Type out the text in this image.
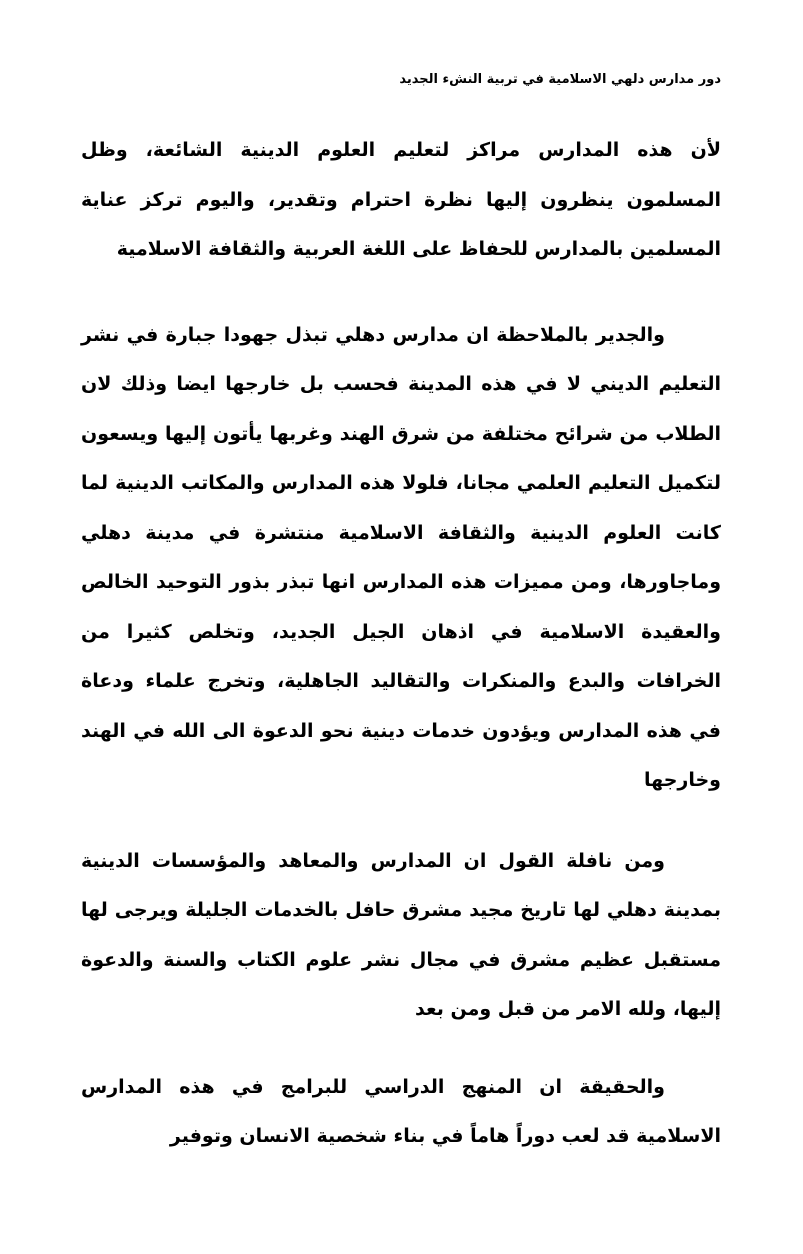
دور مدارس دلهي الاسلامية في تربية النشء الجديد

لأن هذه المدارس مراكز لتعليم العلوم الدينية الشائعة، وظل المسلمون ينظرون إليها نظرة احترام وتقدير، واليوم تركز عناية المسلمين بالمدارس للحفاظ على اللغة العربية والثقافة الاسلامية

والجدير بالملاحظة ان مدارس دهلي تبذل جهودا جبارة في نشر التعليم الديني لا في هذه المدينة فحسب بل خارجها ايضا وذلك لان الطلاب من شرائح مختلفة من شرق الهند وغربها يأتون إليها ويسعون لتكميل التعليم العلمي مجانا، فلولا هذه المدارس والمكاتب الدينية لما كانت العلوم الدينية والثقافة الاسلامية منتشرة في مدينة دهلي وماجاورها، ومن مميزات هذه المدارس انها تبذر بذور التوحيد الخالص والعقيدة الاسلامية في اذهان الجيل الجديد، وتخلص كثيرا من الخرافات والبدع والمنكرات والتقاليد الجاهلية، وتخرج علماء ودعاة في هذه المدارس ويؤدون خدمات دينية نحو الدعوة الى الله في الهند وخارجها

ومن نافلة القول ان المدارس والمعاهد والمؤسسات الدينية بمدينة دهلي لها تاريخ مجيد مشرق حافل بالخدمات الجليلة ويرجى لها مستقبل عظيم مشرق في مجال نشر علوم الكتاب والسنة والدعوة إليها، ولله الامر من قبل ومن بعد

والحقيقة ان المنهج الدراسي للبرامج في هذه المدارس الاسلامية قد لعب دوراً هاماً في بناء شخصية الانسان وتوفير
